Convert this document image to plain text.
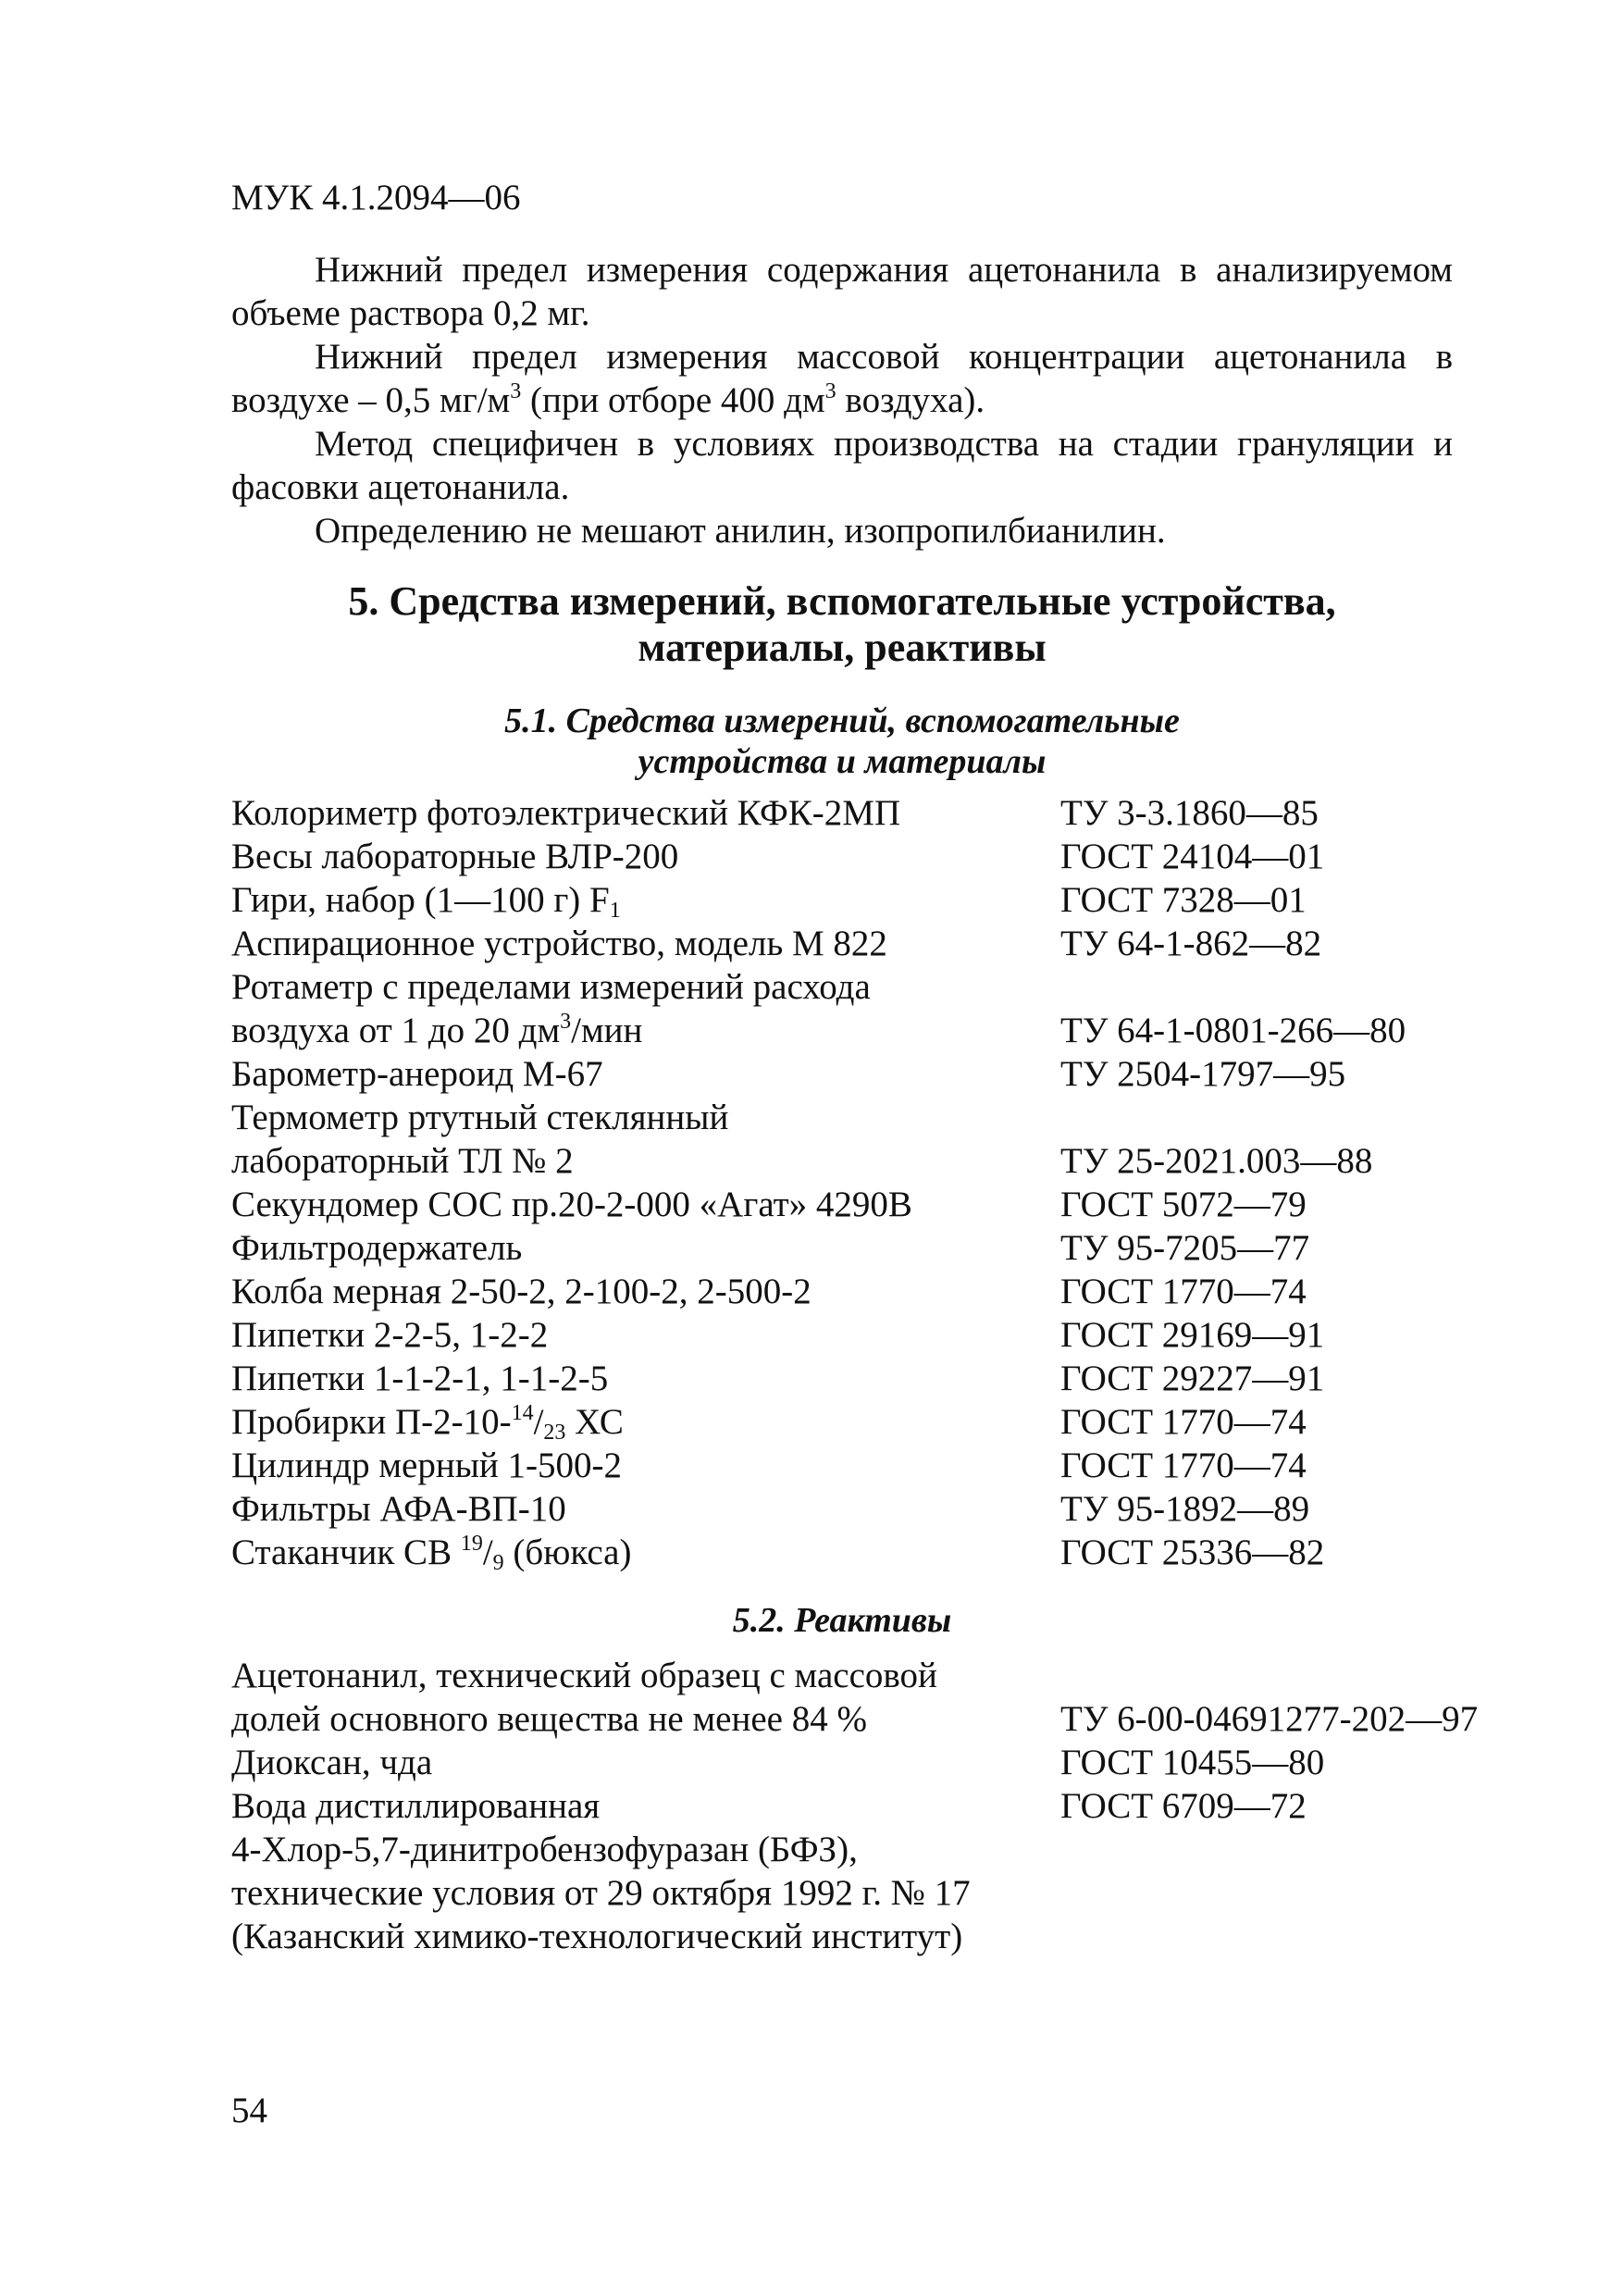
МУК 4.1.2094—06

Нижний предел измерения содержания ацетонанила в анализируемом объеме раствора 0,2 мг.

Нижний предел измерения массовой концентрации ацетонанила в воздухе – 0,5 $мг/м^3$ (при отборе 400 $дм^3$ воздуха).

Метод специфичен в условиях производства на стадии грануляции и фасовки ацетонанила.

Определению не мешают анилин, изопропилбианилин.

5. Средства измерений, вспомогательные устройства,
материалы, реактивы
5.1. Средства измерений, вспомогательные
устройства и материалы
Колориметр фотоэлектрический КФК-2МП	ТУ 3-3.1860—85
Весы лабораторные ВЛР-200	ГОСТ 24104—01
Гири, набор (1—100 г) $F_1$	ГОСТ 7328—01
Аспирационное устройство, модель М 822	ТУ 64-1-862—82
Ротаметр с пределами измерений расхода
воздуха от 1 до 20 $дм^3$/мин	ТУ 64-1-0801-266—80
Барометр-анероид М-67	ТУ 2504-1797—95
Термометр ртутный стеклянный
лабораторный ТЛ № 2	ТУ 25-2021.003—88
Секундомер СОС пр.20-2-000 «Агат» 4290В	ГОСТ 5072—79
Фильтродержатель	ТУ 95-7205—77
Колба мерная 2-50-2, 2-100-2, 2-500-2	ГОСТ 1770—74
Пипетки 2-2-5, 1-2-2	ГОСТ 29169—91
Пипетки 1-1-2-1, 1-1-2-5	ГОСТ 29227—91
Пробирки $П-2-10-^{14}/_{23}$ ХС	ГОСТ 1770—74
Цилиндр мерный 1-500-2	ГОСТ 1770—74
Фильтры АФА-ВП-10	ТУ 95-1892—89
Стаканчик СВ $^{19}/_9$ (бюкса)	ГОСТ 25336—82
5.2. Реактивы
Ацетонанил, технический образец с массовой
долей основного вещества не менее 84 %	ТУ 6-00-04691277-202—97
Диоксан, чда	ГОСТ 10455—80
Вода дистиллированная	ГОСТ 6709—72
4-Хлор-5,7-динитробензофуразан (БФЗ),
технические условия от 29 октября 1992 г. № 17
(Казанский химико-технологический институт)
54
